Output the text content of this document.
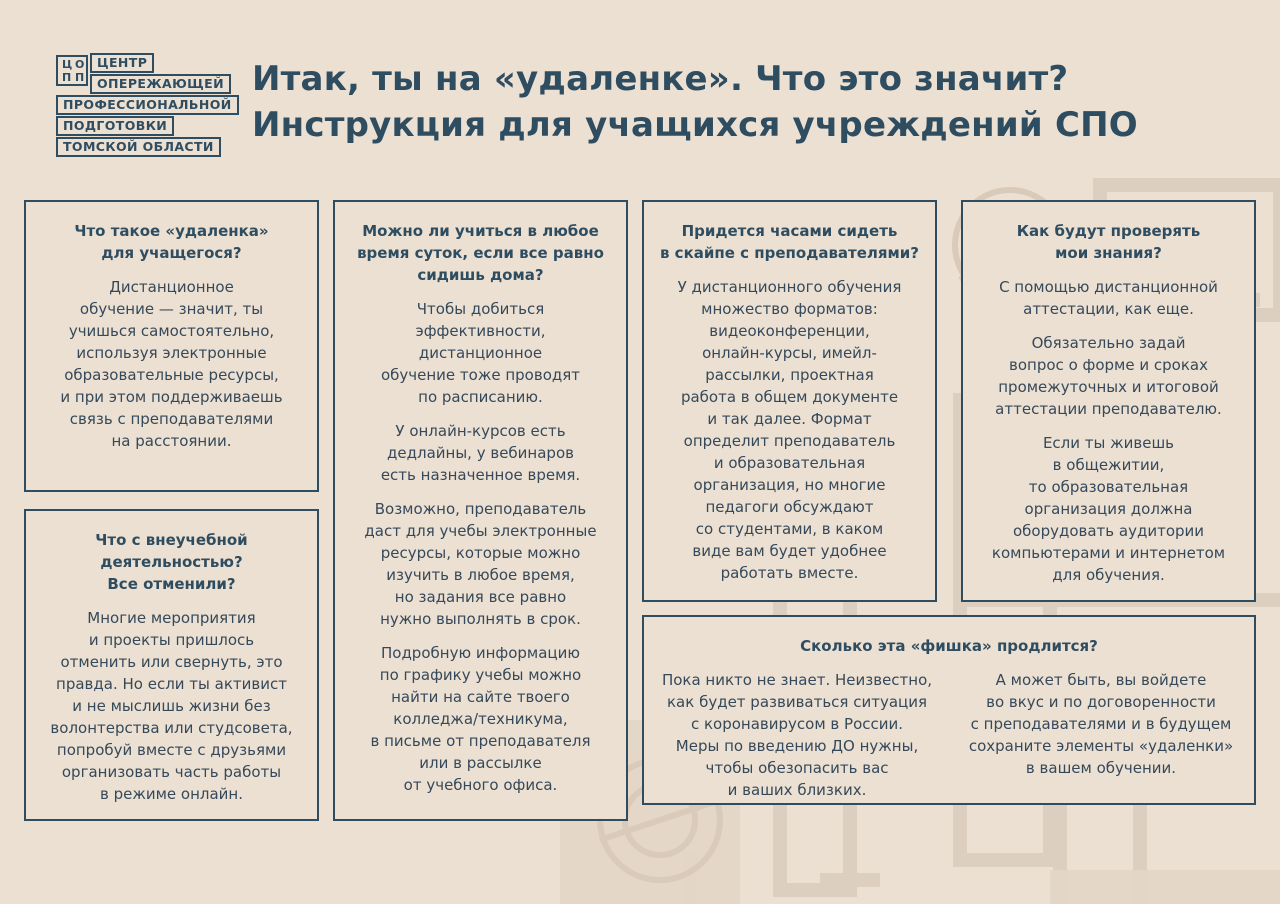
Ц О
П П
ЦЕНТР
ОПЕРЕЖАЮЩЕЙ
ПРОФЕССИОНАЛЬНОЙ
ПОДГОТОВКИ
ТОМСКОЙ ОБЛАСТИ
Итак, ты на «удаленке». Что это значит?
Инструкция для учащихся учреждений СПО
Что такое «удаленка»
для учащегося?

Дистанционное
обучение — значит, ты
учишься самостоятельно,
используя электронные
образовательные ресурсы,
и при этом поддерживаешь
связь с преподавателями
на расстоянии.

Что с внеучебной
деятельностью?
Все отменили?

Многие мероприятия
и проекты пришлось
отменить или свернуть, это
правда. Но если ты активист
и не мыслишь жизни без
волонтерства или студсовета,
попробуй вместе с друзьями
организовать часть работы
в режиме онлайн.

Можно ли учиться в любое
время суток, если все равно
сидишь дома?

Чтобы добиться
эффективности,
дистанционное
обучение тоже проводят
по расписанию.

У онлайн-курсов есть
дедлайны, у вебинаров
есть назначенное время.

Возможно, преподаватель
даст для учебы электронные
ресурсы, которые можно
изучить в любое время,
но задания все равно
нужно выполнять в срок.

Подробную информацию
по графику учебы можно
найти на сайте твоего
колледжа/техникума,
в письме от преподавателя
или в рассылке
от учебного офиса.

Придется часами сидеть
в скайпе с преподавателями?

У дистанционного обучения
множество форматов:
видеоконференции,
онлайн-курсы, имейл-
рассылки, проектная
работа в общем документе
и так далее. Формат
определит преподаватель
и образовательная
организация, но многие
педагоги обсуждают
со студентами, в каком
виде вам будет удобнее
работать вместе.

Как будут проверять
мои знания?

С помощью дистанционной
аттестации, как еще.

Обязательно задай
вопрос о форме и сроках
промежуточных и итоговой
аттестации преподавателю.

Если ты живешь
в общежитии,
то образовательная
организация должна
оборудовать аудитории
компьютерами и интернетом
для обучения.

Сколько эта «фишка» продлится?

Пока никто не знает. Неизвестно,
как будет развиваться ситуация
с коронавирусом в России.
Меры по введению ДО нужны,
чтобы обезопасить вас
и ваших близких.

А может быть, вы войдете
во вкус и по договоренности
с преподавателями и в будущем
сохраните элементы «удаленки»
в вашем обучении.
